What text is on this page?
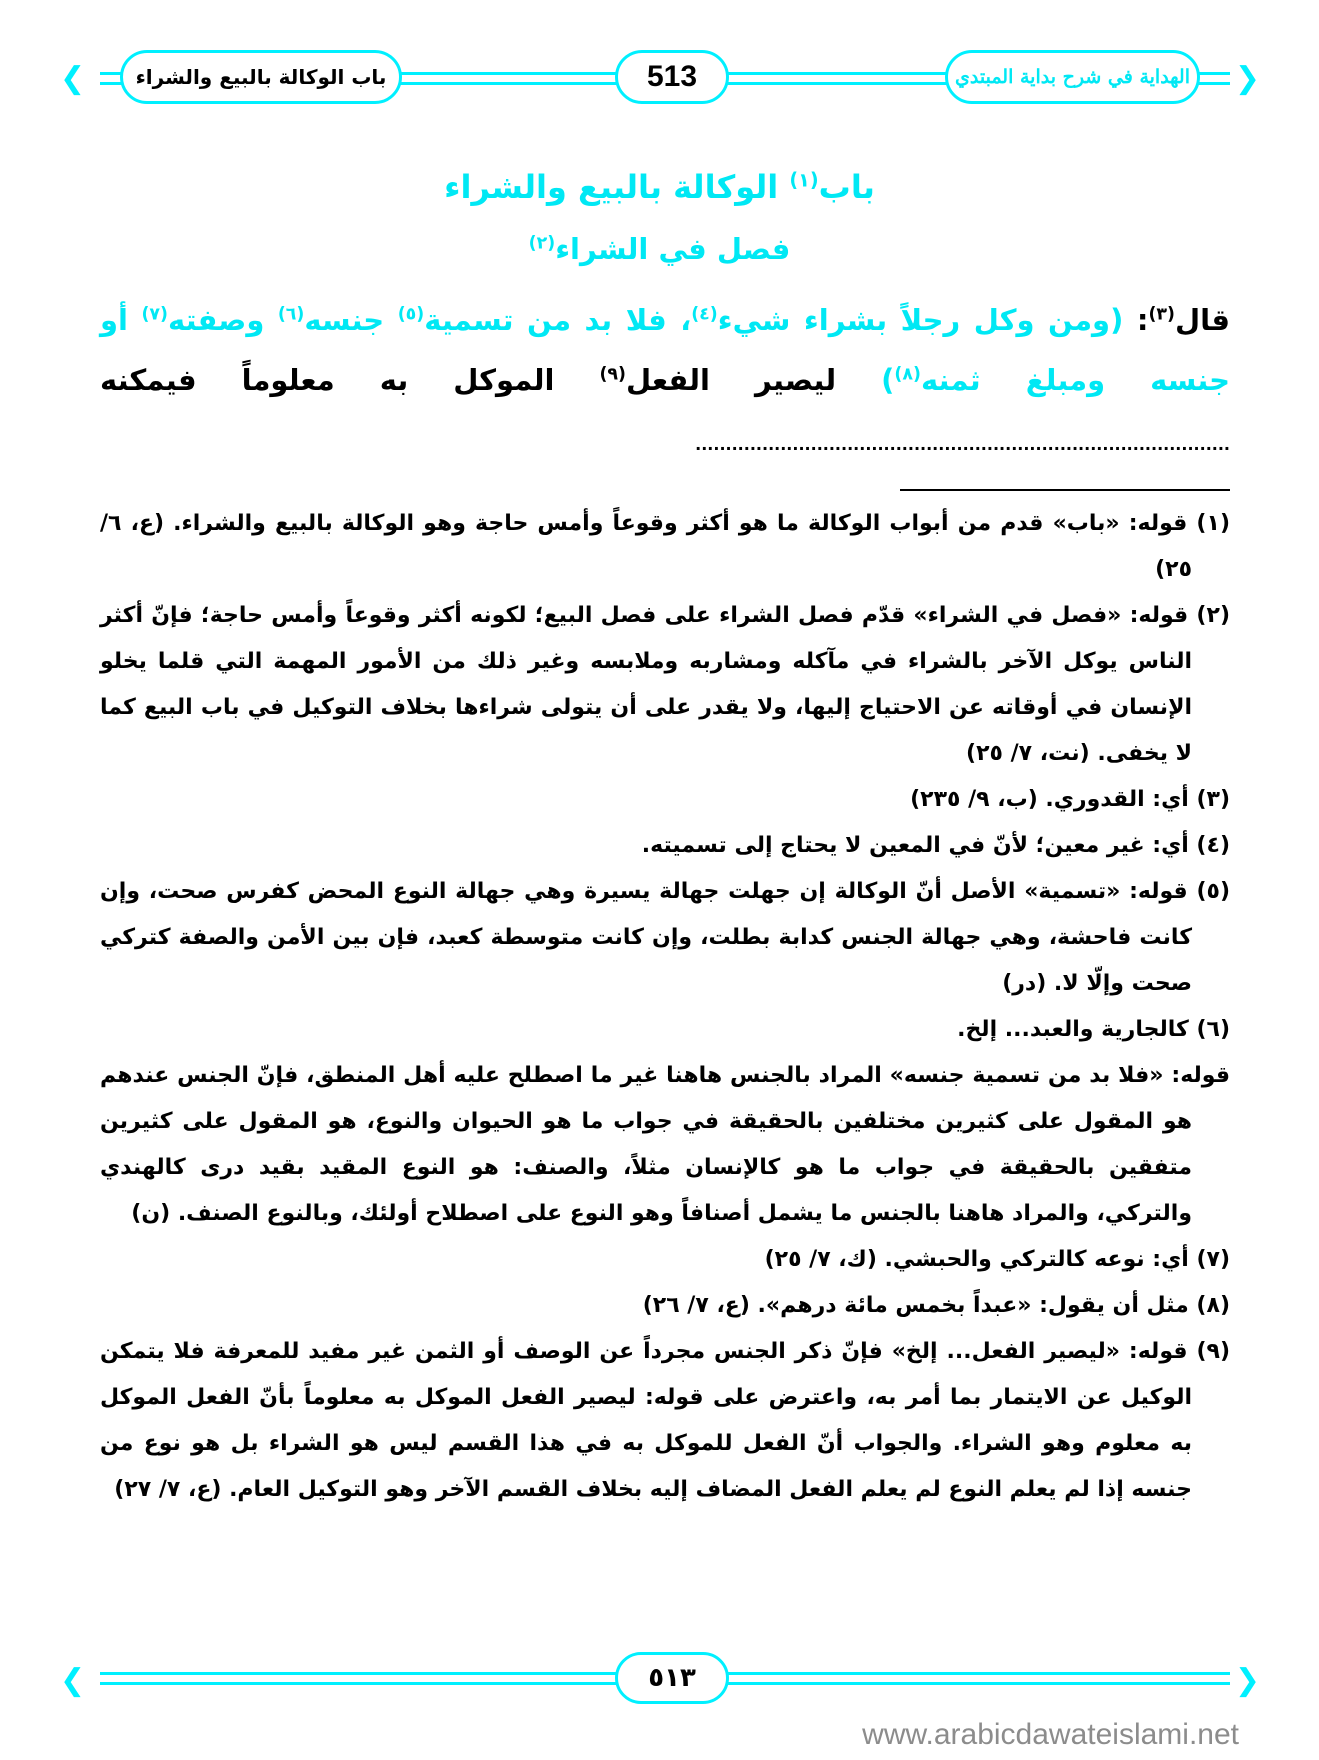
❮	❯
باب الوكالة بالبيع والشراء	513	الهداية في شرح بداية المبتدي
باب$^{(١)}$ الوكالة بالبيع والشراء
فصل في الشراء$^{(٢)}$
قال$^{(٣)}$: (ومن وكل رجلاً بشراء شيء$^{(٤)}$، فلا بد من تسمية$^{(٥)}$ جنسه$^{(٦)}$ وصفته$^{(٧)}$ أو جنسه ومبلغ ثمنه$^{(٨)}$) ليصير الفعل$^{(٩)}$ الموكل به معلوماً فيمكنه ........................................................................................

(١) قوله: «باب» قدم من أبواب الوكالة ما هو أكثر وقوعاً وأمس حاجة وهو الوكالة بالبيع والشراء. (ع، ٦/ ٢٥)

(٢) قوله: «فصل في الشراء» قدّم فصل الشراء على فصل البيع؛ لكونه أكثر وقوعاً وأمس حاجة؛ فإنّ أكثر الناس يوكل الآخر بالشراء في مآكله ومشاربه وملابسه وغير ذلك من الأمور المهمة التي قلما يخلو الإنسان في أوقاته عن الاحتياج إليها، ولا يقدر على أن يتولى شراءها بخلاف التوكيل في باب البيع كما لا يخفى. (نت، ٧/ ٢٥)

(٣) أي: القدوري. (ب، ٩/ ٢٣٥)

(٤) أي: غير معين؛ لأنّ في المعين لا يحتاج إلى تسميته.

(٥) قوله: «تسمية» الأصل أنّ الوكالة إن جهلت جهالة يسيرة وهي جهالة النوع المحض كفرس صحت، وإن كانت فاحشة، وهي جهالة الجنس كدابة بطلت، وإن كانت متوسطة كعبد، فإن بين الأمن والصفة كتركي صحت وإلّا لا. (در)

(٦) كالجارية والعبد... إلخ.

قوله: «فلا بد من تسمية جنسه» المراد بالجنس هاهنا غير ما اصطلح عليه أهل المنطق، فإنّ الجنس عندهم هو المقول على كثيرين مختلفين بالحقيقة في جواب ما هو الحيوان والنوع، هو المقول على كثيرين متفقين بالحقيقة في جواب ما هو كالإنسان مثلاً، والصنف: هو النوع المقيد بقيد درى كالهندي والتركي، والمراد هاهنا بالجنس ما يشمل أصنافاً وهو النوع على اصطلاح أولئك، وبالنوع الصنف. (ن)

(٧) أي: نوعه كالتركي والحبشي. (ك، ٧/ ٢٥)

(٨) مثل أن يقول: «عبداً بخمس مائة درهم». (ع، ٧/ ٢٦)

(٩) قوله: «ليصير الفعل... إلخ» فإنّ ذكر الجنس مجرداً عن الوصف أو الثمن غير مفيد للمعرفة فلا يتمكن الوكيل عن الايتمار بما أمر به، واعترض على قوله: ليصير الفعل الموكل به معلوماً بأنّ الفعل الموكل به معلوم وهو الشراء. والجواب أنّ الفعل للموكل به في هذا القسم ليس هو الشراء بل هو نوع من جنسه إذا لم يعلم النوع لم يعلم الفعل المضاف إليه بخلاف القسم الآخر وهو التوكيل العام. (ع، ٧/ ٢٧)

❮	❯
٥١٣
www.arabicdawateislami.net
